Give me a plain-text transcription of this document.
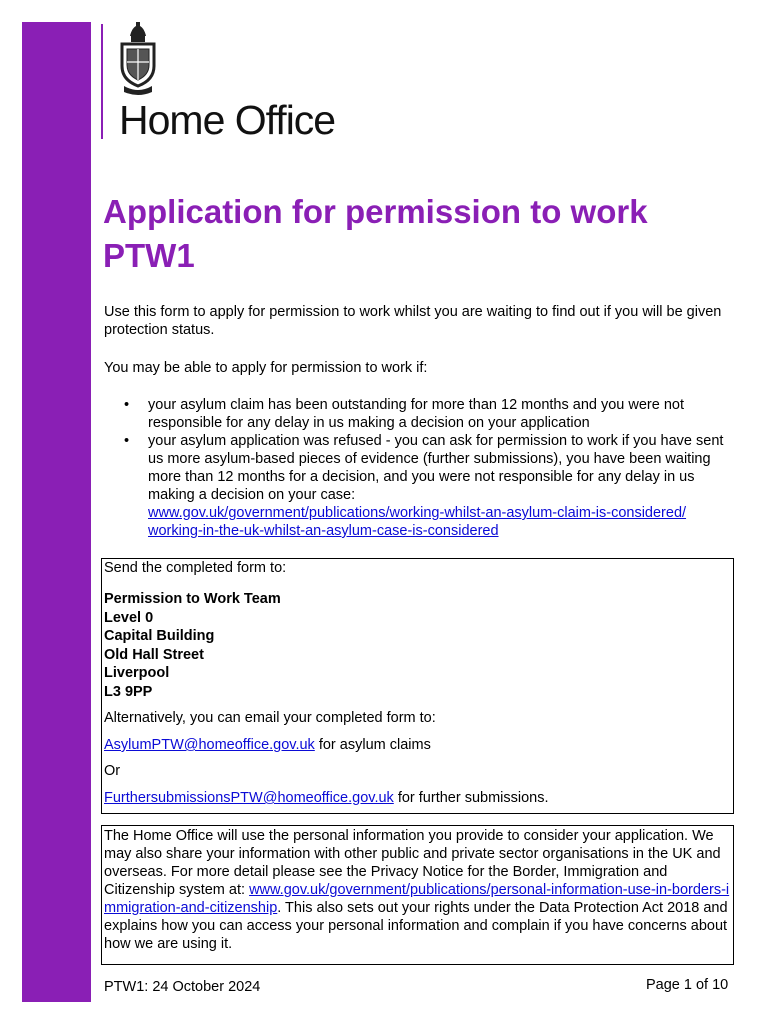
Home Office
Application for permission to work
PTW1

Use this form to apply for permission to work whilst you are waiting to find out if you will be given protection status.

You may be able to apply for permission to work if:

• your asylum claim has been outstanding for more than 12 months and you were not responsible for any delay in us making a decision on your application
• your asylum application was refused - you can ask for permission to work if you have sent us more asylum-based pieces of evidence (further submissions), you have been waiting more than 12 months for a decision, and you were not responsible for any delay in us making a decision on your case:
www.gov.uk/government/publications/working-whilst-an-asylum-claim-is-considered/
working-in-the-uk-whilst-an-asylum-case-is-considered
Send the completed form to:
Permission to Work Team
Level 0
Capital Building
Old Hall Street
Liverpool
L3 9PP
Alternatively, you can email your completed form to:
AsylumPTW@homeoffice.gov.uk for asylum claims
Or
FurthersubmissionsPTW@homeoffice.gov.uk for further submissions.
The Home Office will use the personal information you provide to consider your application. We may also share your information with other public and private sector organisations in the UK and overseas. For more detail please see the Privacy Notice for the Border, Immigration and Citizenship system at: www.gov.uk/government/publications/personal-information-use-in-borders-immigration-and-citizenship. This also sets out your rights under the Data Protection Act 2018 and explains how you can access your personal information and complain if you have concerns about how we are using it.
PTW1: 24 October 2024	Page 1 of 10
